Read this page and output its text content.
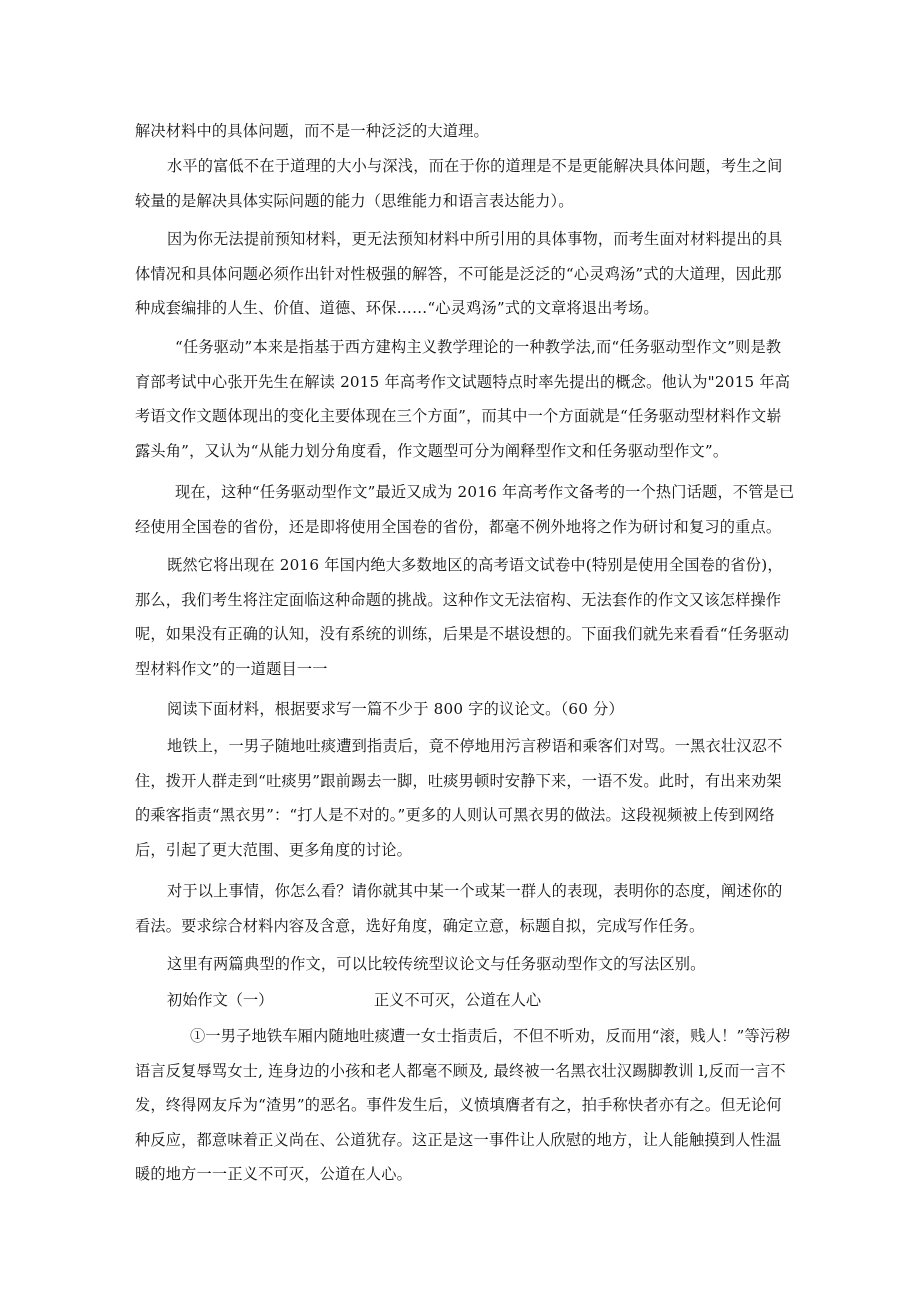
解决材料中的具体问题，而不是一种泛泛的大道理。

水平的富低不在于道理的大小与深浅，而在于你的道理是不是更能解决具体问题，考生之间较量的是解决具体实际问题的能力（思维能力和语言表达能力）。

因为你无法提前预知材料，更无法预知材料中所引用的具体事物，而考生面对材料提出的具体情况和具体问题必须作出针对性极强的解答，不可能是泛泛的“心灵鸡汤”式的大道理，因此那种成套编排的人生、价值、道德、环保……“心灵鸡汤”式的文章将退出考场。

“任务驱动”本来是指基于西方建构主义教学理论的一种教学法,而“任务驱动型作文”则是教育部考试中心张开先生在解读 2015 年高考作文试题特点时率先提出的概念。他认为"2015 年高考语文作文题体现出的变化主要体现在三个方面”，而其中一个方面就是“任务驱动型材料作文崭露头角”，又认为“从能力划分角度看，作文题型可分为阐释型作文和任务驱动型作文”。

现在，这种“任务驱动型作文”最近又成为 2016 年高考作文备考的一个热门话题，不管是已经使用全国卷的省份，还是即将使用全国卷的省份，都毫不例外地将之作为研讨和复习的重点。

既然它将出现在 2016 年国内绝大多数地区的高考语文试卷中(特别是使用全国卷的省份)，那么，我们考生将注定面临这种命题的挑战。这种作文无法宿构、无法套作的作文又该怎样操作呢，如果没有正确的认知，没有系统的训练，后果是不堪设想的。下面我们就先来看看“任务驱动型材料作文”的一道题目一一

阅读下面材料，根据要求写一篇不少于 800 字的议论文。（60 分）

地铁上，一男子随地吐痰遭到指责后，竟不停地用污言秽语和乘客们对骂。一黑衣壮汉忍不住，拨开人群走到“吐痰男”跟前踢去一脚，吐痰男顿时安静下来，一语不发。此时，有出来劝架的乘客指责“黑衣男”：“打人是不对的。”更多的人则认可黑衣男的做法。这段视频被上传到网络后，引起了更大范围、更多角度的讨论。

对于以上事情，你怎么看？请你就其中某一个或某一群人的表现，表明你的态度，阐述你的看法。要求综合材料内容及含意，选好角度，确定立意，标题自拟，完成写作任务。

这里有两篇典型的作文，可以比较传统型议论文与任务驱动型作文的写法区别。

初始作文（一）	正义不可灭，公道在人心

①一男子地铁车厢内随地吐痰遭一女士指责后，不但不听劝，反而用“滚，贱人！”等污秽语言反复辱骂女士, 连身边的小孩和老人都毫不顾及, 最终被一名黑衣壮汉踢脚教训 l,反而一言不发，终得网友斥为“渣男”的恶名。事件发生后，义愤填膺者有之，拍手称快者亦有之。但无论何种反应，都意味着正义尚在、公道犹存。这正是这一事件让人欣慰的地方，让人能触摸到人性温暖的地方一一正义不可灭，公道在人心。
